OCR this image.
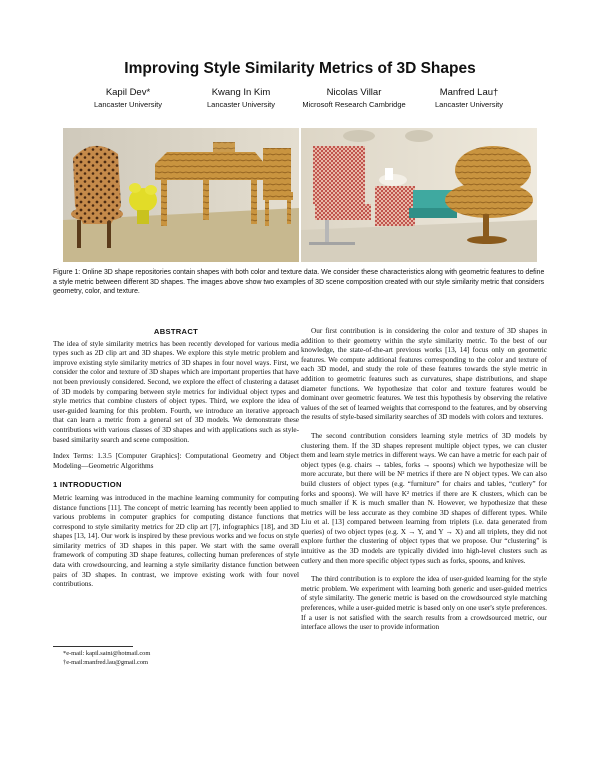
Improving Style Similarity Metrics of 3D Shapes
Kapil Dev*
Lancaster University
Kwang In Kim
Lancaster University
Nicolas Villar
Microsoft Research Cambridge
Manfred Lau†
Lancaster University
Figure 1: Online 3D shape repositories contain shapes with both color and texture data. We consider these characteristics along with geometric features to define a style metric between different 3D shapes. The images above show two examples of 3D scene composition created with our style similarity metric that considers geometry, color, and texture.

ABSTRACT

The idea of style similarity metrics has been recently developed for various media types such as 2D clip art and 3D shapes. We explore this style metric problem and improve existing style similarity metrics of 3D shapes in four novel ways. First, we consider the color and texture of 3D shapes which are important properties that have not been previously considered. Second, we explore the effect of clustering a dataset of 3D models by comparing between style metrics for individual object types and style metrics that combine clusters of object types. Third, we explore the idea of user-guided learning for this problem. Fourth, we introduce an iterative approach that can learn a metric from a general set of 3D models. We demonstrate these contributions with various classes of 3D shapes and with applications such as style-based similarity search and scene composition.

Index Terms: 1.3.5 [Computer Graphics]: Computational Geometry and Object Modeling—Geometric Algorithms

1 INTRODUCTION

Metric learning was introduced in the machine learning community for computing distance functions [11]. The concept of metric learning has recently been applied to various problems in computer graphics for computing distance functions that correspond to style similarity metrics for 2D clip art [7], infographics [18], and 3D shapes [13, 14]. Our work is inspired by these previous works and we focus on style similarity metrics of 3D shapes in this paper. We start with the same overall framework of computing 3D shape features, collecting human preferences of style data with crowdsourcing, and learning a style similarity distance function between pairs of 3D shapes. In contrast, we improve existing work with four novel contributions.

*e-mail: kapil.saini@hotmail.com

†e-mail:manfred.lau@gmail.com

Our first contribution is in considering the color and texture of 3D shapes in addition to their geometry within the style similarity metric. To the best of our knowledge, the state-of-the-art previous works [13, 14] focus only on geometric features. We compute additional features corresponding to the color and texture of each 3D model, and study the role of these features towards the style metric in addition to geometric features such as curvatures, shape distributions, and shape diameter functions. We hypothesize that color and texture features would be dominant over geometric features. We test this hypothesis by observing the relative values of the set of learned weights that correspond to the features, and by observing the results of style-based similarity searches of 3D models with colors and textures.

The second contribution considers learning style metrics of 3D models by clustering them. If the 3D shapes represent multiple object types, we can cluster them and learn style metrics in different ways. We can have a metric for each pair of object types (e.g. chairs → tables, forks → spoons) which we hypothesize will be more accurate, but there will be N² metrics if there are N object types. We can also build clusters of object types (e.g. “furniture” for chairs and tables, “cutlery” for forks and spoons). We will have K² metrics if there are K clusters, which can be much smaller if K is much smaller than N. However, we hypothesize that these metrics will be less accurate as they combine 3D shapes of different types. While Liu et al. [13] compared between learning from triplets (i.e. data generated from queries) of two object types (e.g. X → Y, and Y → X) and all triplets, they did not explore further the clustering of object types that we propose. Our “clustering” is intuitive as the 3D models are typically divided into high-level clusters such as cutlery and then more specific object types such as forks, spoons, and knives.

The third contribution is to explore the idea of user-guided learning for the style metric problem. We experiment with learning both generic and user-guided metrics of style similarity. The generic metric is based on the crowdsourced style matching preferences, while a user-guided metric is based only on one user's style preferences. If a user is not satisfied with the search results from a crowdsourced metric, our interface allows the user to provide information
